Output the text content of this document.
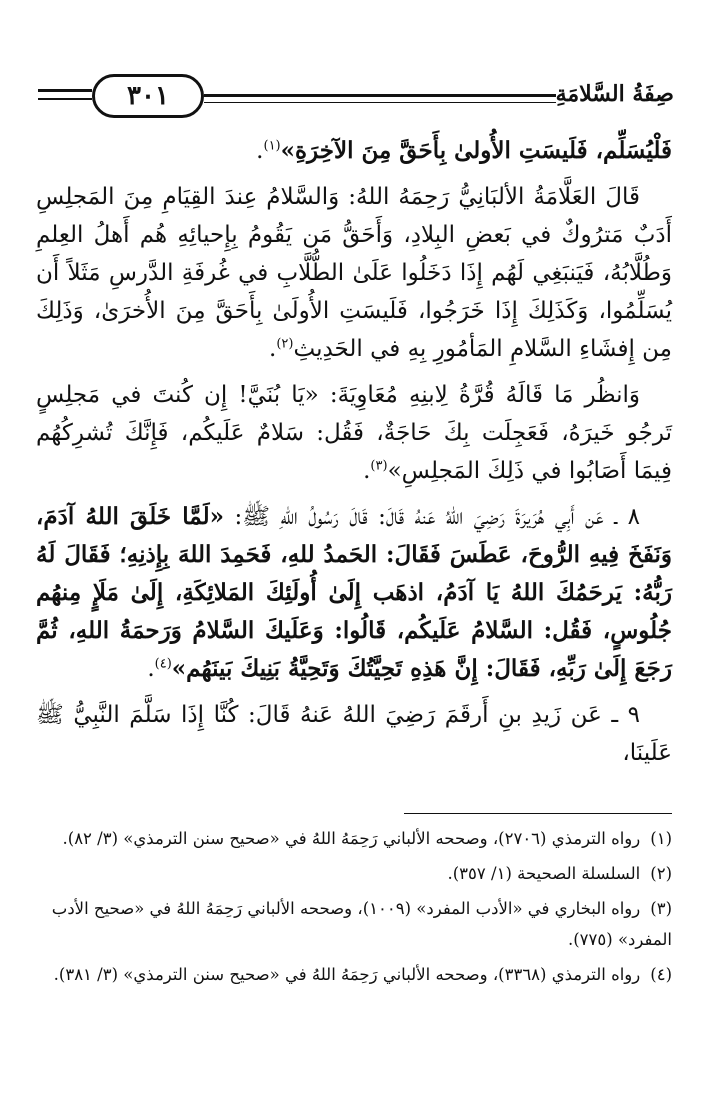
٣٠١	صِفَةُ السَّلامَةِ

فَلْيُسَلِّم، فَلَيسَتِ الأُولىٰ بِأَحَقَّ مِنَ الآخِرَةِ»$^{(١)}$.

قَالَ العَلَّامَةُ الألبَانِيُّ رَحِمَهُ اللهُ: وَالسَّلامُ عِندَ القِيَامِ مِنَ المَجلِسِ أَدَبٌ مَترُوكٌ في بَعضِ البِلادِ، وَأَحَقُّ مَن يَقُومُ بِإِحيائِهِ هُم أَهلُ العِلمِ وَطُلَّابُهُ، فَيَنبَغِي لَهُم إِذَا دَخَلُوا عَلَىٰ الطُّلَّابِ في غُرفَةِ الدَّرسِ مَثَلاً أَن يُسَلِّمُوا، وَكَذَلِكَ إِذَا خَرَجُوا، فَلَيسَتِ الأُولَىٰ بِأَحَقَّ مِنَ الأُخرَىٰ، وَذَلِكَ مِن إِفشَاءِ السَّلامِ المَأمُورِ بِهِ في الحَدِيثِ$^{(٢)}$.

وَانظُر مَا قَالَهُ قُرَّةُ لِابنِهِ مُعَاوِيَةَ: «يَا بُنَيَّ! إِن كُنتَ في مَجلِسٍ تَرجُو خَيرَهُ، فَعَجِلَت بِكَ حَاجَةٌ، فَقُل: سَلامٌ عَلَيكُم، فَإِنَّكَ تُشرِكُهُم فِيمَا أَصَابُوا في ذَلِكَ المَجلِسِ»$^{(٣)}$.

٨ ـ عَن أَبِي هُرَيرَةَ رَضِيَ اللهُ عَنهُ قَالَ: قَالَ رَسُولُ اللهِ ﷺ: «لَمَّا خَلَقَ اللهُ آدَمَ، وَنَفَخَ فِيهِ الرُّوحَ، عَطَسَ فَقَالَ: الحَمدُ للهِ، فَحَمِدَ اللهَ بِإِذنِهِ؛ فَقَالَ لَهُ رَبُّهُ: يَرحَمُكَ اللهُ يَا آدَمُ، اذهَب إِلَىٰ أُولَئِكَ المَلائِكَةِ، إِلَىٰ مَلَإٍ مِنهُم جُلُوسٍ، فَقُل: السَّلامُ عَلَيكُم، قَالُوا: وَعَلَيكَ السَّلامُ وَرَحمَةُ اللهِ، ثُمَّ رَجَعَ إِلَىٰ رَبِّهِ، فَقَالَ: إِنَّ هَذِهِ تَحِيَّتُكَ وَتَحِيَّةُ بَنِيكَ بَينَهُم»$^{(٤)}$.

٩ ـ عَن زَيدِ بنِ أَرقَمَ رَضِيَ اللهُ عَنهُ قَالَ: كُنَّا إِذَا سَلَّمَ النَّبِيُّ ﷺ عَلَينَا،

(١)رواه الترمذي (٢٧٠٦)، وصححه الألباني رَحِمَهُ اللهُ في «صحيح سنن الترمذي» (٣/ ٨٢).
(٢)السلسلة الصحيحة (١/ ٣٥٧).
(٣)رواه البخاري في «الأدب المفرد» (١٠٠٩)، وصححه الألباني رَحِمَهُ اللهُ في «صحيح الأدب المفرد» (٧٧٥).
(٤)رواه الترمذي (٣٣٦٨)، وصححه الألباني رَحِمَهُ اللهُ في «صحيح سنن الترمذي» (٣/ ٣٨١).
